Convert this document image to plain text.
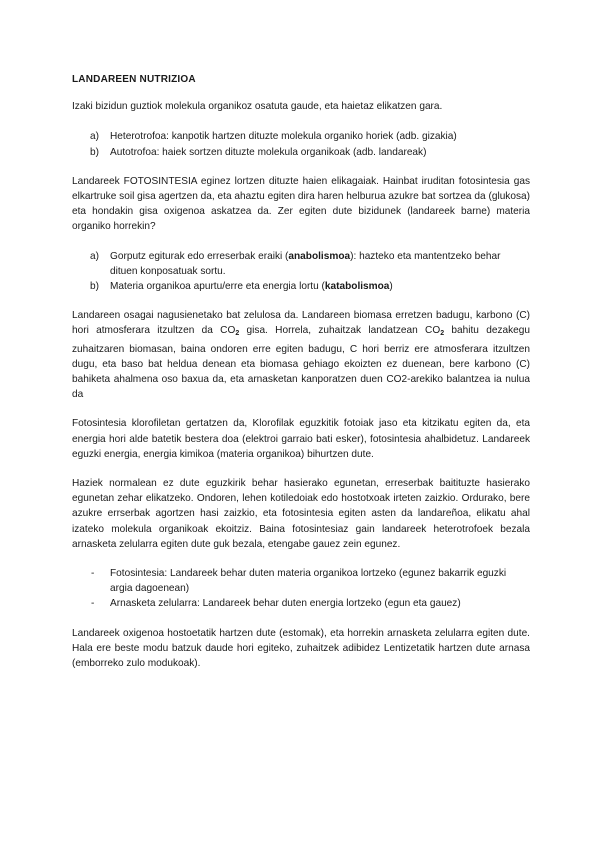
LANDAREEN NUTRIZIOA

Izaki bizidun guztiok molekula organikoz osatuta gaude, eta haietaz elikatzen gara.

a) Heterotrofoa: kanpotik hartzen dituzte molekula organiko horiek (adb. gizakia)
b) Autotrofoa: haiek sortzen dituzte molekula organikoak (adb. landareak)

Landareek FOTOSINTESIA eginez lortzen dituzte haien elikagaiak. Hainbat iruditan fotosintesia gas elkartruke soil gisa agertzen da, eta ahaztu egiten dira haren helburua azukre bat sortzea da (glukosa) eta hondakin gisa oxigenoa askatzea da. Zer egiten dute bizidunek (landareek barne) materia organiko horrekin?

a) Gorputz egiturak edo erreserbak eraiki (anabolismoa): hazteko eta mantentzeko behar dituen konposatuak sortu.
b) Materia organikoa apurtu/erre eta energia lortu (katabolismoa)

Landareen osagai nagusienetako bat zelulosa da. Landareen biomasa erretzen badugu, karbono (C) hori atmosferara itzultzen da $CO_2$ gisa. Horrela, zuhaitzak landatzean $CO_2$ bahitu dezakegu zuhaitzaren biomasan, baina ondoren erre egiten badugu, C hori berriz ere atmosferara itzultzen dugu, eta baso bat heldua denean eta biomasa gehiago ekoizten ez duenean, bere karbono (C) bahiketa ahalmena oso baxua da, eta arnasketan kanporatzen duen CO2-arekiko balantzea ia nulua da

Fotosintesia klorofiletan gertatzen da, Klorofilak eguzkitik fotoiak jaso eta kitzikatu egiten da, eta energia hori alde batetik bestera doa (elektroi garraio bati esker), fotosintesia ahalbidetuz. Landareek eguzki energia, energia kimikoa (materia organikoa) bihurtzen dute.

Haziek normalean ez dute eguzkirik behar hasierako egunetan, erreserbak baitituzte hasierako egunetan zehar elikatzeko. Ondoren, lehen kotiledoiak edo hostotxoak irteten zaizkio. Ordurako, bere azukre errserbak agortzen hasi zaizkio, eta fotosintesia egiten asten da landareñoa, elikatu ahal izateko molekula organikoak ekoitziz. Baina fotosintesiaz gain landareek heterotrofoek bezala arnasketa zelularra egiten dute guk bezala, etengabe gauez zein egunez.

- Fotosintesia: Landareek behar duten materia organikoa lortzeko (egunez bakarrik eguzki argia dagoenean)
- Arnasketa zelularra: Landareek behar duten energia lortzeko (egun eta gauez)

Landareek oxigenoa hostoetatik hartzen dute (estomak), eta horrekin arnasketa zelularra egiten dute. Hala ere beste modu batzuk daude hori egiteko, zuhaitzek adibidez Lentizetatik hartzen dute arnasa (emborreko zulo modukoak).
